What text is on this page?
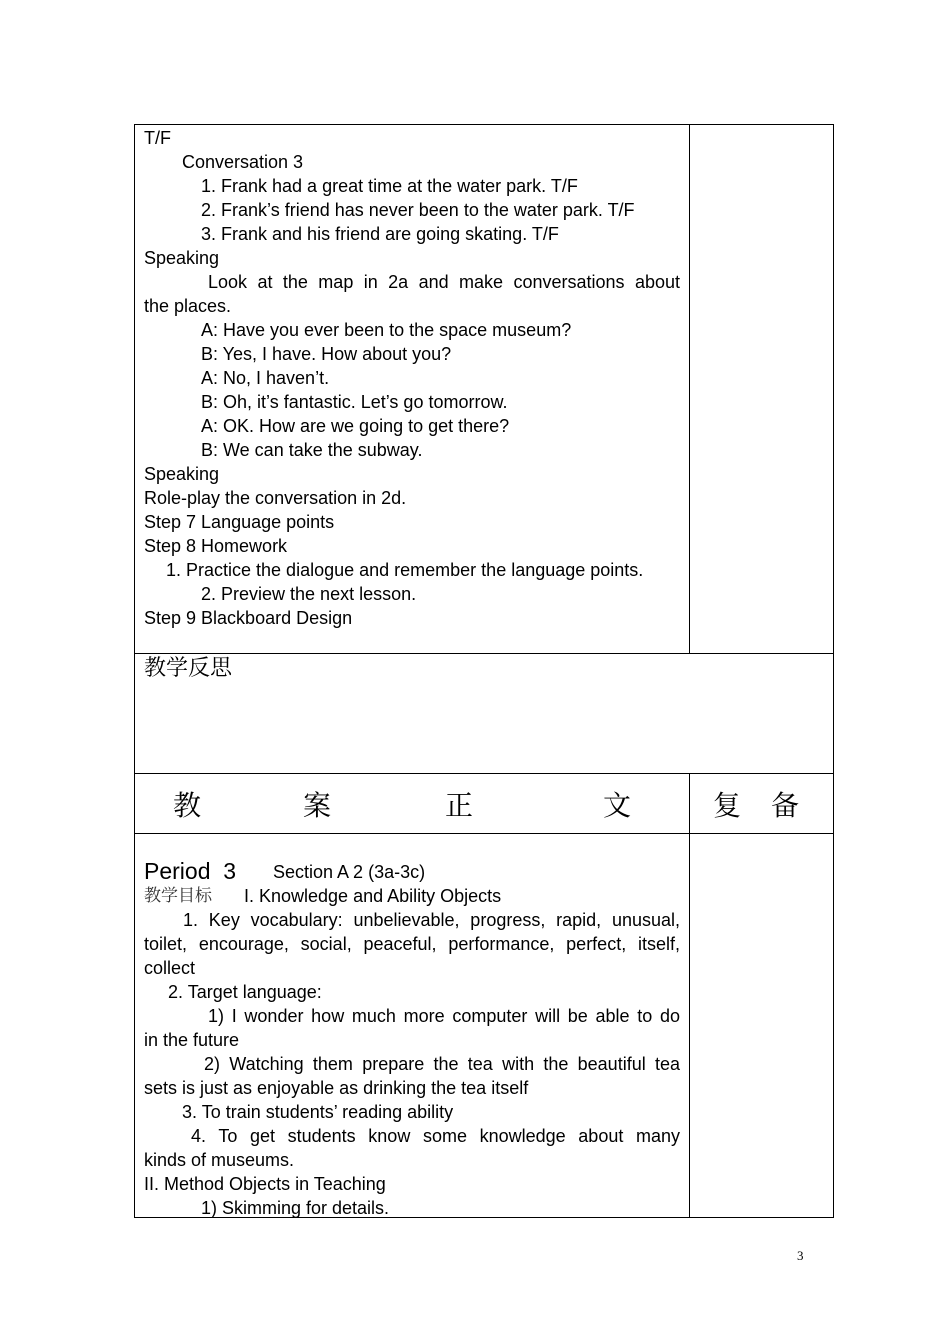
T/F
Conversation 3
1. Frank had a great time at the water park. T/F
2. Frank’s friend has never been to the water park. T/F
3. Frank and his friend are going skating. T/F
Speaking
Look at the map in 2a and make conversations about
the places.
A: Have you ever been to the space museum?
B: Yes, I have. How about you?
A: No, I haven’t.
B: Oh, it’s fantastic. Let’s go tomorrow.
A: OK. How are we going to get there?
B: We can take the subway.
Speaking
Role-play the conversation in 2d.
Step 7 Language points
Step 8 Homework
1. Practice the dialogue and remember the language points.
2. Preview the next lesson.
Step 9 Blackboard Design
教学反思
教	案	正	文	复 备
Period  3 Section A 2 (3a-3c)
教学目标 I. Knowledge and Ability Objects
1. Key vocabulary: unbelievable, progress, rapid, unusual,
toilet, encourage, social, peaceful, performance, perfect, itself,
collect
2. Target language:
1) I wonder how much more computer will be able to do
in the future
2) Watching them prepare the tea with the beautiful tea
sets is just as enjoyable as drinking the tea itself
3. To train students’ reading ability
4. To get students know some knowledge about many
kinds of museums.
II. Method Objects in Teaching
1) Skimming for details.
3
